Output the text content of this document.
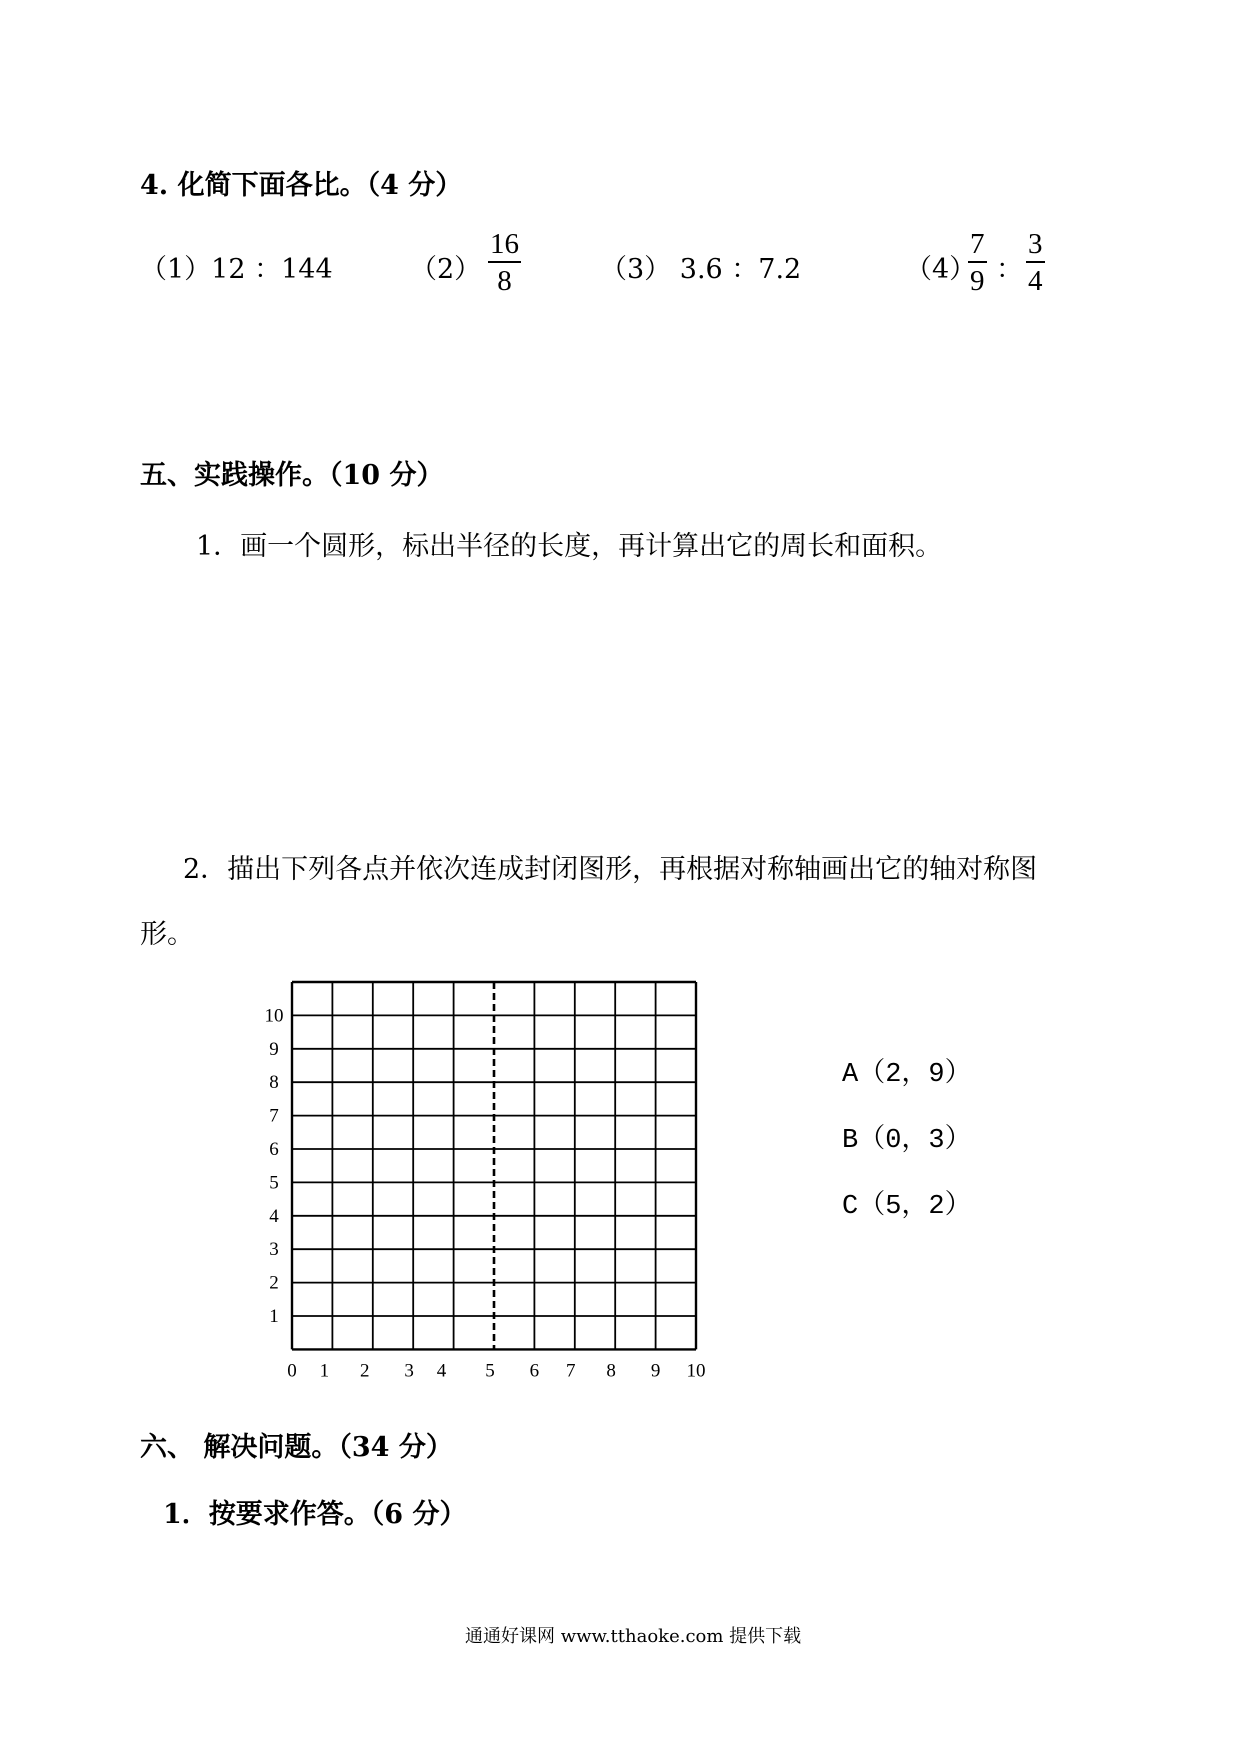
4. 化简下面各比。（4 分）
（1）12 ：144	（2）
16
8	（3） 3.6 ：7.2	（4）
7
9 ：
3
4
五、实践操作。（10 分）
1．画一个圆形，标出半径的长度，再计算出它的周长和面积。
2．描出下列各点并依次连成封闭图形，再根据对称轴画出它的轴对称图
形。
1
2
3
4
5
6
7
8
9
10
0 1 2 3 4 5 6 7 8 9 10
A（2，9）
B（0，3）
C（5，2）
六、 解决问题。（34 分）
1．按要求作答。（6 分）
通通好课网 www.tthaoke.com 提供下载
